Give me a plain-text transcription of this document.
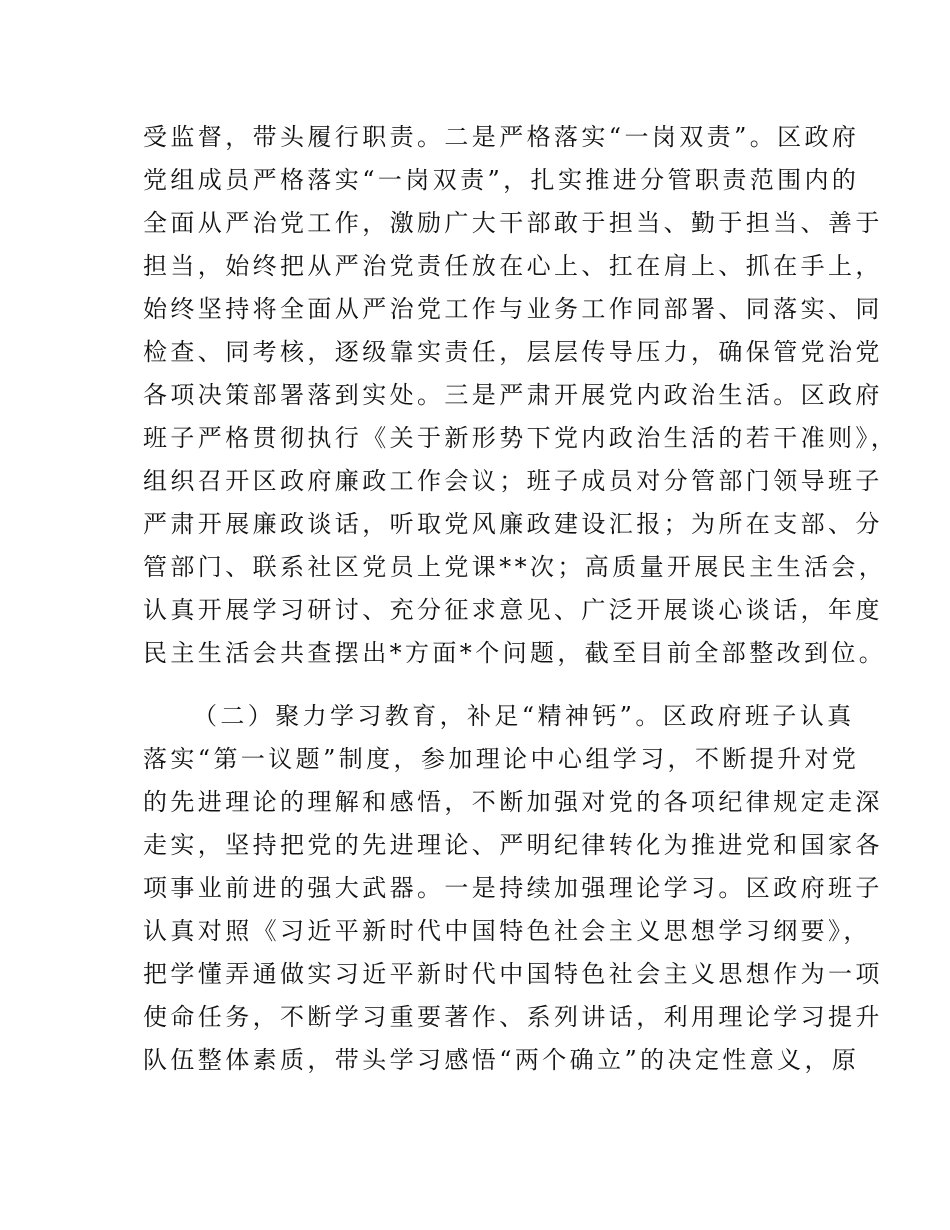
受监督，带头履行职责。二是严格落实“一岗双责”。区政府
党组成员严格落实“一岗双责”，扎实推进分管职责范围内的
全面从严治党工作，激励广大干部敢于担当、勤于担当、善于
担当，始终把从严治党责任放在心上、扛在肩上、抓在手上，
始终坚持将全面从严治党工作与业务工作同部署、同落实、同
检查、同考核，逐级靠实责任，层层传导压力，确保管党治党
各项决策部署落到实处。三是严肃开展党内政治生活。区政府
班子严格贯彻执行《关于新形势下党内政治生活的若干准则》，
组织召开区政府廉政工作会议；班子成员对分管部门领导班子
严肃开展廉政谈话，听取党风廉政建设汇报；为所在支部、分
管部门、联系社区党员上党课**次；高质量开展民主生活会，
认真开展学习研讨、充分征求意见、广泛开展谈心谈话，年度
民主生活会共查摆出*方面*个问题，截至目前全部整改到位。
（二）聚力学习教育，补足“精神钙”。区政府班子认真
落实“第一议题”制度，参加理论中心组学习，不断提升对党
的先进理论的理解和感悟，不断加强对党的各项纪律规定走深
走实，坚持把党的先进理论、严明纪律转化为推进党和国家各
项事业前进的强大武器。一是持续加强理论学习。区政府班子
认真对照《习近平新时代中国特色社会主义思想学习纲要》，
把学懂弄通做实习近平新时代中国特色社会主义思想作为一项
使命任务，不断学习重要著作、系列讲话，利用理论学习提升
队伍整体素质，带头学习感悟“两个确立”的决定性意义，原
